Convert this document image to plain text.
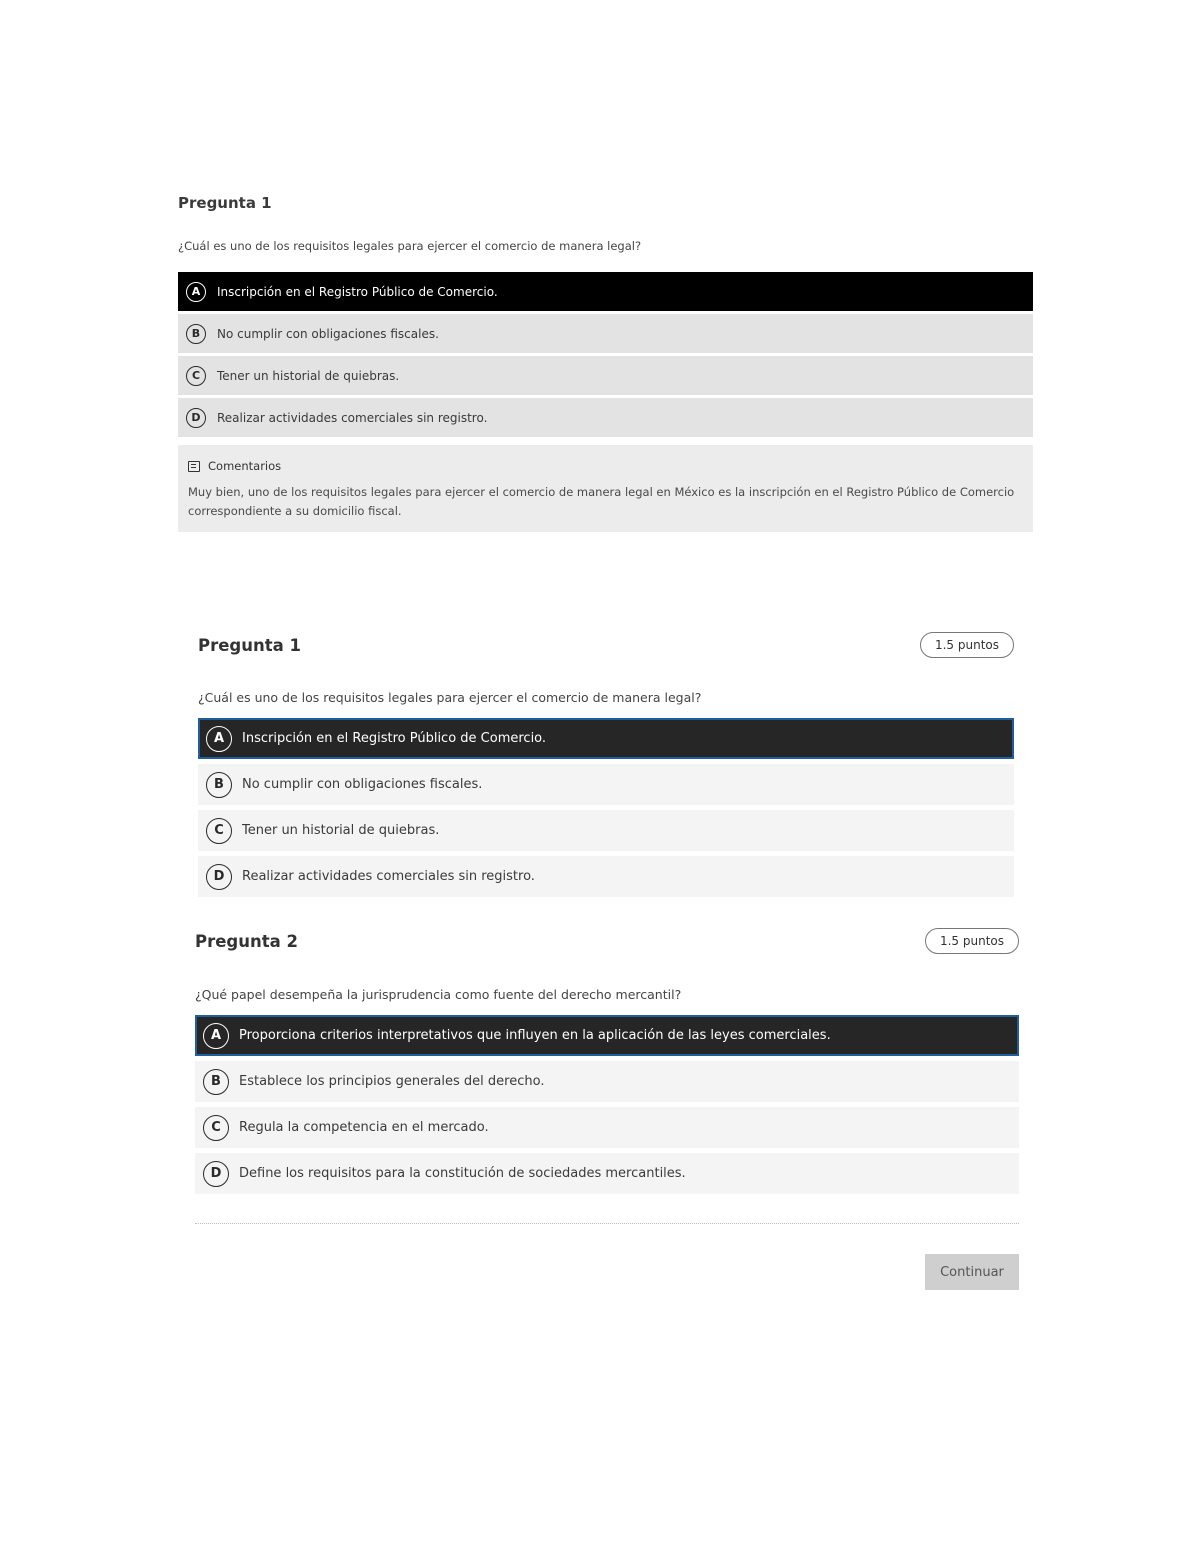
Pregunta 1
¿Cuál es uno de los requisitos legales para ejercer el comercio de manera legal?
A	Inscripción en el Registro Público de Comercio.
B	No cumplir con obligaciones fiscales.
C	Tener un historial de quiebras.
D	Realizar actividades comerciales sin registro.
Comentarios
Muy bien, uno de los requisitos legales para ejercer el comercio de manera legal en México es la inscripción en el Registro Público de Comercio correspondiente a su domicilio fiscal.
Pregunta 1	1.5 puntos
¿Cuál es uno de los requisitos legales para ejercer el comercio de manera legal?
A	Inscripción en el Registro Público de Comercio.
B	No cumplir con obligaciones fiscales.
C	Tener un historial de quiebras.
D	Realizar actividades comerciales sin registro.
Pregunta 2	1.5 puntos
¿Qué papel desempeña la jurisprudencia como fuente del derecho mercantil?
A	Proporciona criterios interpretativos que influyen en la aplicación de las leyes comerciales.
B	Establece los principios generales del derecho.
C	Regula la competencia en el mercado.
D	Define los requisitos para la constitución de sociedades mercantiles.
Continuar
